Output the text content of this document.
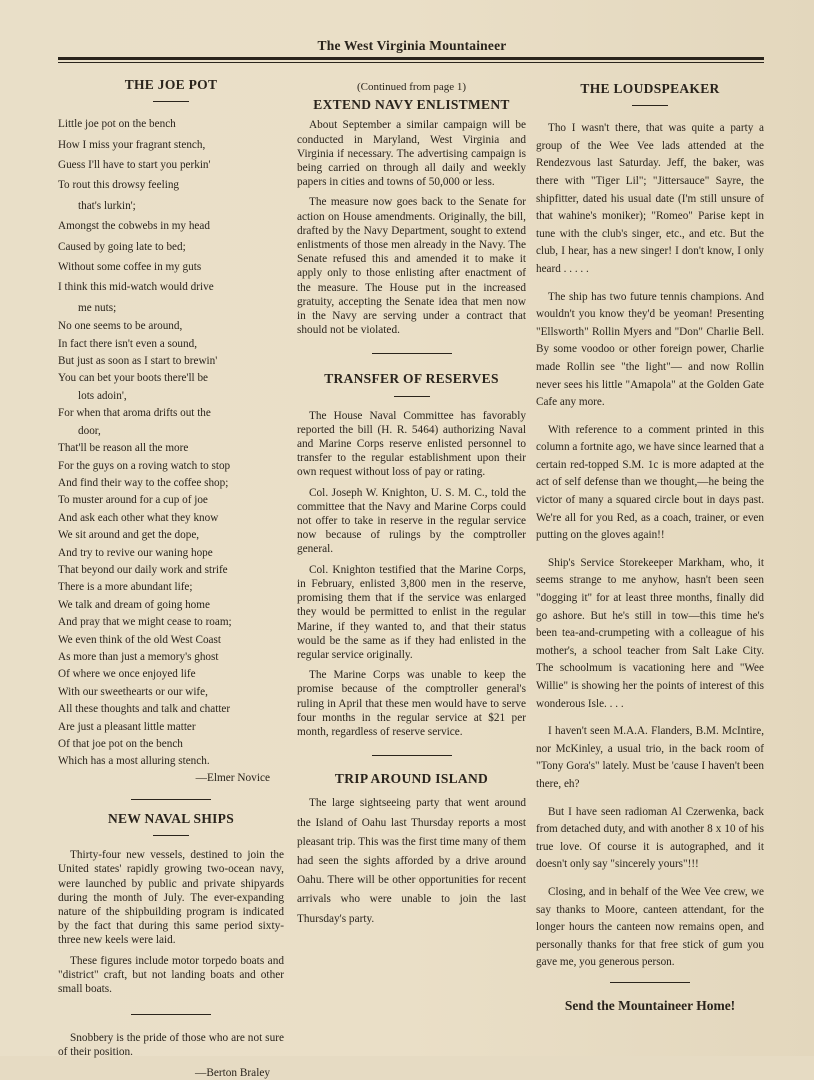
The West Virginia Mountaineer
THE JOE POT

Little joe pot on the bench

How I miss your fragrant stench,

Guess I'll have to start you perkin'

To rout this drowsy feeling

that's lurkin';

Amongst the cobwebs in my head

Caused by going late to bed;

Without some coffee in my guts

I think this mid-watch would drive

me nuts;

No one seems to be around,

In fact there isn't even a sound,

But just as soon as I start to brewin'

You can bet your boots there'll be

lots adoin',

For when that aroma drifts out the

door,

That'll be reason all the more

For the guys on a roving watch to stop

And find their way to the coffee shop;

To muster around for a cup of joe

And ask each other what they know

We sit around and get the dope,

And try to revive our waning hope

That beyond our daily work and strife

There is a more abundant life;

We talk and dream of going home

And pray that we might cease to roam;

We even think of the old West Coast

As more than just a memory's ghost

Of where we once enjoyed life

With our sweethearts or our wife,

All these thoughts and talk and chatter

Are just a pleasant little matter

Of that joe pot on the bench

Which has a most alluring stench.

—Elmer Novice

NEW NAVAL SHIPS

Thirty-four new vessels, destined to join the United states' rapidly growing two-ocean navy, were launched by public and private shipyards during the month of July. The ever-expanding nature of the shipbuilding program is indicated by the fact that during this same period sixty-three new keels were laid.

These figures include motor torpedo boats and "district" craft, but not landing boats and other small boats.

Snobbery is the pride of those who are not sure of their position.

—Berton Braley

(Continued from page 1)
EXTEND NAVY ENLISTMENT

About September a similar campaign will be conducted in Maryland, West Virginia and Virginia if necessary. The advertising campaign is being carried on through all daily and weekly papers in cities and towns of 50,000 or less.

The measure now goes back to the Senate for action on House amendments. Originally, the bill, drafted by the Navy Department, sought to extend enlistments of those men already in the Navy. The Senate refused this and amended it to make it apply only to those enlisting after enactment of the measure. The House put in the increased gratuity, accepting the Senate idea that men now in the Navy are serving under a contract that should not be violated.

TRANSFER OF RESERVES

The House Naval Committee has favorably reported the bill (H. R. 5464) authorizing Naval and Marine Corps reserve enlisted personnel to transfer to the regular establishment upon their own request without loss of pay or rating.

Col. Joseph W. Knighton, U. S. M. C., told the committee that the Navy and Marine Corps could not offer to take in reserve in the regular service now because of rulings by the comptroller general.

Col. Knighton testified that the Marine Corps, in February, enlisted 3,800 men in the reserve, promising them that if the service was enlarged they would be permitted to enlist in the regular Marine, if they wanted to, and that their status would be the same as if they had enlisted in the regular service originally.

The Marine Corps was unable to keep the promise because of the comptroller general's ruling in April that these men would have to serve four months in the regular service at $21 per month, regardless of reserve service.

TRIP AROUND ISLAND

The large sightseeing party that went around the Island of Oahu last Thursday reports a most pleasant trip. This was the first time many of them had seen the sights afforded by a drive around Oahu. There will be other opportunities for recent arrivals who were unable to join the last Thursday's party.

THE LOUDSPEAKER

Tho I wasn't there, that was quite a party a group of the Wee Vee lads attended at the Rendezvous last Saturday. Jeff, the baker, was there with "Tiger Lil"; "Jittersauce" Sayre, the shipfitter, dated his usual date (I'm still unsure of that wahine's moniker); "Romeo" Parise kept in tune with the club's singer, etc., and etc. But the club, I hear, has a new singer! I don't know, I only heard . . . . .

The ship has two future tennis champions. And wouldn't you know they'd be yeoman! Presenting "Ellsworth" Rollin Myers and "Don" Charlie Bell. By some voodoo or other foreign power, Charlie made Rollin see "the light"— and now Rollin never sees his little "Amapola" at the Golden Gate Cafe any more.

With reference to a comment printed in this column a fortnite ago, we have since learned that a certain red-topped S.M. 1c is more adapted at the act of self defense than we thought,—he being the victor of many a squared circle bout in days past. We're all for you Red, as a coach, trainer, or even putting on the gloves again!!

Ship's Service Storekeeper Markham, who, it seems strange to me anyhow, hasn't been seen "dogging it" for at least three months, finally did go ashore. But he's still in tow—this time he's been tea-and-crumpeting with a colleague of his mother's, a school teacher from Salt Lake City. The schoolmum is vacationing here and "Wee Willie" is showing her the points of interest of this wonderous Isle. . . .

I haven't seen M.A.A. Flanders, B.M. McIntire, nor McKinley, a usual trio, in the back room of "Tony Gora's" lately. Must be 'cause I haven't been there, eh?

But I have seen radioman Al Czerwenka, back from detached duty, and with another 8 x 10 of his true love. Of course it is autographed, and it doesn't only say "sincerely yours"!!!

Closing, and in behalf of the Wee Vee crew, we say thanks to Moore, canteen attendant, for the longer hours the canteen now remains open, and personally thanks for that free stick of gum you gave me, you generous person.

Send the Mountaineer Home!
